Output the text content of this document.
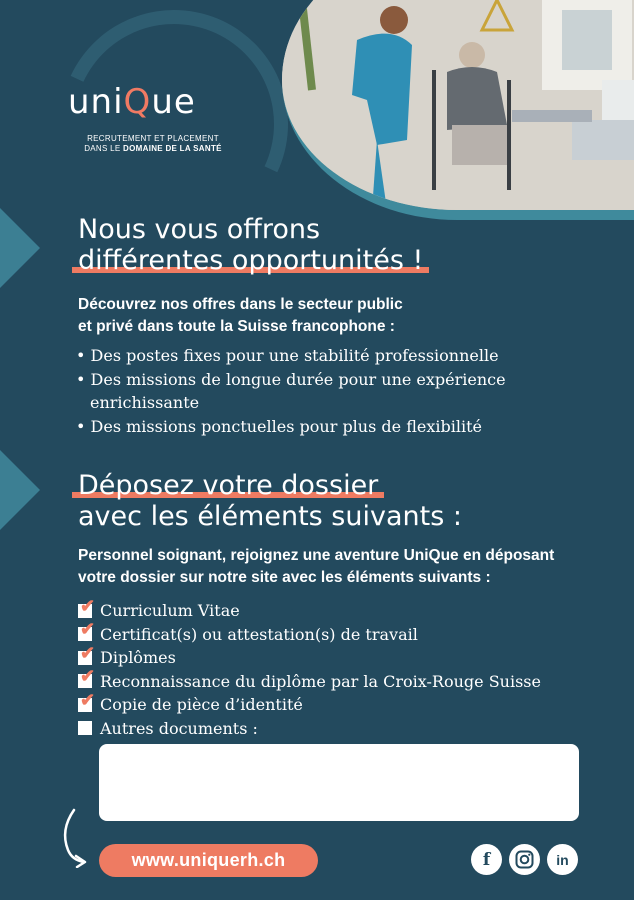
uniQue
RECRUTEMENT ET PLACEMENT
DANS LE DOMAINE DE LA SANTÉ
Nous vous offrons
différentes opportunités !
Découvrez nos offres dans le secteur public
et privé dans toute la Suisse francophone :
• Des postes fixes pour une stabilité professionnelle
• Des missions de longue durée pour une expérience enrichissante
• Des missions ponctuelles pour plus de flexibilité
Déposez votre dossier
avec les éléments suivants :
Personnel soignant, rejoignez une aventure UniQue en déposant
votre dossier sur notre site avec les éléments suivants :
✔ Curriculum Vitae
✔ Certificat(s) ou attestation(s) de travail
✔ Diplômes
✔ Reconnaissance du diplôme par la Croix-Rouge Suisse
✔ Copie de pièce d’identité
Autres documents :
www.uniquerh.ch	f	in
